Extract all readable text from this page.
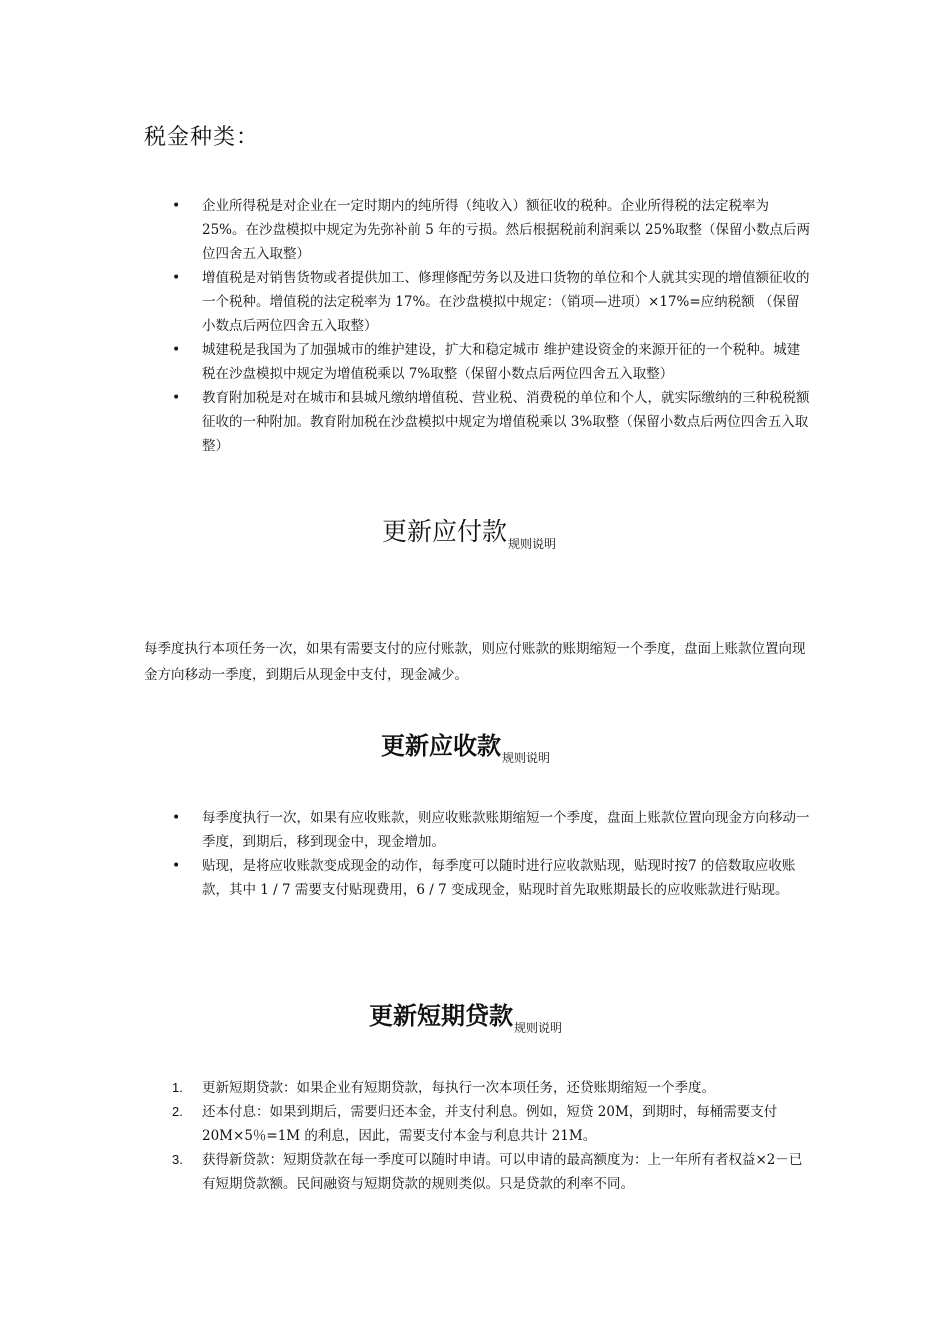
税金种类：
•	企业所得税是对企业在一定时期内的纯所得（纯收入）额征收的税种。企业所得税的法定税率为 25%。在沙盘模拟中规定为先弥补前 5 年的亏损。然后根据税前利润乘以 25%取整（保留小数点后两位四舍五入取整）
•	增值税是对销售货物或者提供加工、修理修配劳务以及进口货物的单位和个人就其实现的增值额征收的一个税种。增值税的法定税率为 17%。在沙盘模拟中规定：（销项—进项）×17%=应纳税额 （保留小数点后两位四舍五入取整）
•	城建税是我国为了加强城市的维护建设，扩大和稳定城市 维护建设资金的来源开征的一个税种。城建税在沙盘模拟中规定为增值税乘以 7%取整（保留小数点后两位四舍五入取整）
•	教育附加税是对在城市和县城凡缴纳增值税、营业税、消费税的单位和个人，就实际缴纳的三种税税额征收的一种附加。教育附加税在沙盘模拟中规定为增值税乘以 3%取整（保留小数点后两位四舍五入取整）
更新应付款$_{规则说明}$

每季度执行本项任务一次，如果有需要支付的应付账款，则应付账款的账期缩短一个季度，盘面上账款位置向现金方向移动一季度，到期后从现金中支付，现金减少。

更新应收款$_{规则说明}$
•	每季度执行一次，如果有应收账款，则应收账款账期缩短一个季度，盘面上账款位置向现金方向移动一季度，到期后，移到现金中，现金增加。
•	贴现，是将应收账款变成现金的动作，每季度可以随时进行应收款贴现，贴现时按7 的倍数取应收账款，其中 1 / 7 需要支付贴现费用，6 / 7 变成现金，贴现时首先取账期最长的应收账款进行贴现。
更新短期贷款$_{规则说明}$
1.	更新短期贷款：如果企业有短期贷款，每执行一次本项任务，还贷账期缩短一个季度。
2.	还本付息：如果到期后，需要归还本金，并支付利息。例如，短贷 20M，到期时，每桶需要支付 20M×5％=1M 的利息，因此，需要支付本金与利息共计 21M。
3.	获得新贷款：短期贷款在每一季度可以随时申请。可以申请的最高额度为：上一年所有者权益×2－已有短期贷款额。民间融资与短期贷款的规则类似。只是贷款的利率不同。
